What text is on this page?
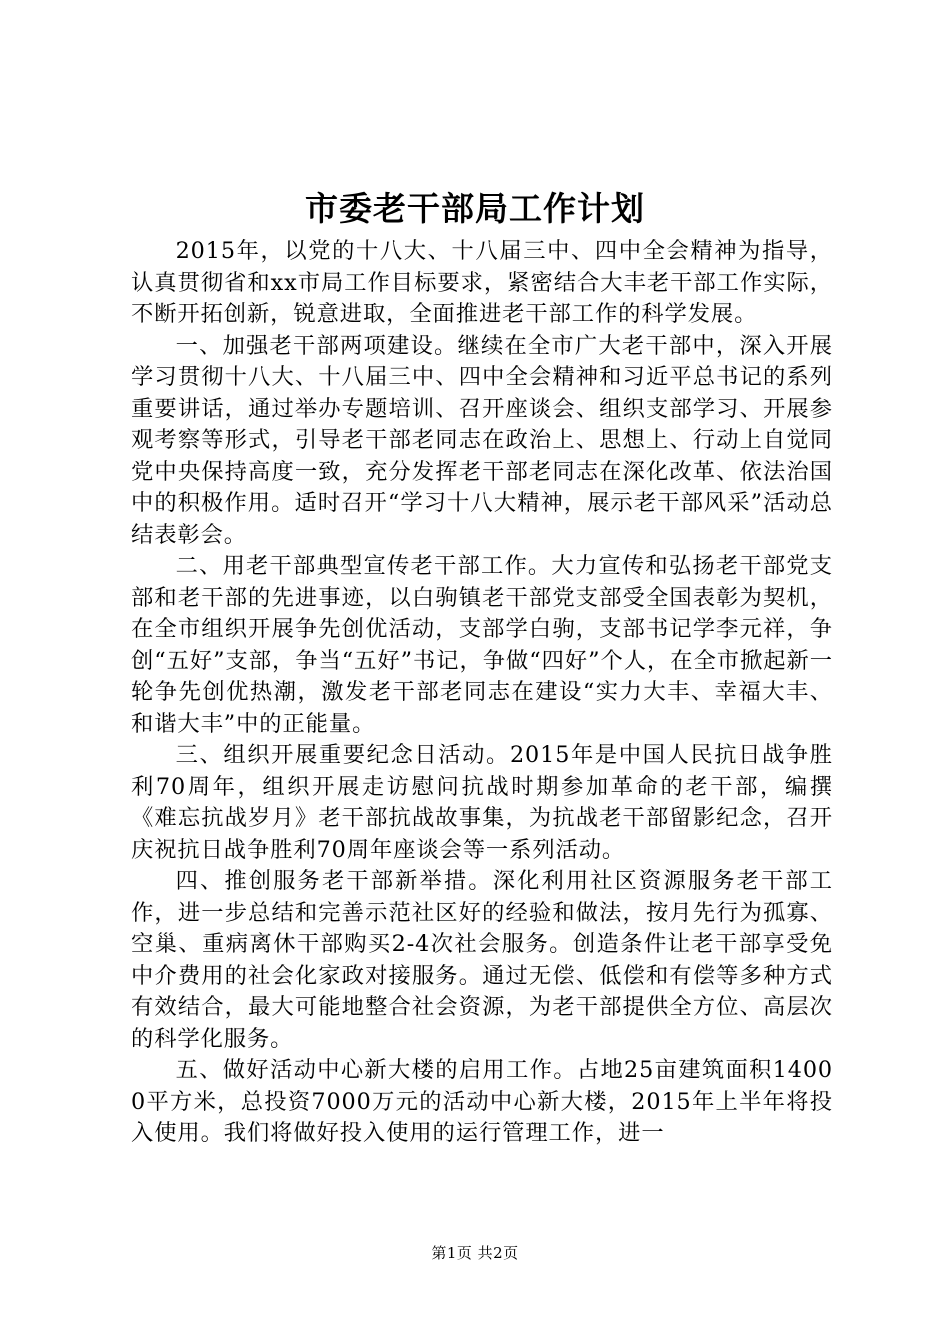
市委老干部局工作计划

2015年，以党的十八大、十八届三中、四中全会精神为指导，认真贯彻省和xx市局工作目标要求，紧密结合大丰老干部工作实际，不断开拓创新，锐意进取，全面推进老干部工作的科学发展。

一、加强老干部两项建设。继续在全市广大老干部中，深入开展学习贯彻十八大、十八届三中、四中全会精神和习近平总书记的系列重要讲话，通过举办专题培训、召开座谈会、组织支部学习、开展参观考察等形式，引导老干部老同志在政治上、思想上、行动上自觉同党中央保持高度一致，充分发挥老干部老同志在深化改革、依法治国中的积极作用。适时召开“学习十八大精神，展示老干部风采”活动总结表彰会。

二、用老干部典型宣传老干部工作。大力宣传和弘扬老干部党支部和老干部的先进事迹，以白驹镇老干部党支部受全国表彰为契机，在全市组织开展争先创优活动，支部学白驹，支部书记学李元祥，争创“五好”支部，争当“五好”书记，争做“四好”个人，在全市掀起新一轮争先创优热潮，激发老干部老同志在建设“实力大丰、幸福大丰、和谐大丰”中的正能量。

三、组织开展重要纪念日活动。2015年是中国人民抗日战争胜利70周年，组织开展走访慰问抗战时期参加革命的老干部，编撰《难忘抗战岁月》老干部抗战故事集，为抗战老干部留影纪念，召开庆祝抗日战争胜利70周年座谈会等一系列活动。

四、推创服务老干部新举措。深化利用社区资源服务老干部工作，进一步总结和完善示范社区好的经验和做法，按月先行为孤寡、空巢、重病离休干部购买2-4次社会服务。创造条件让老干部享受免中介费用的社会化家政对接服务。通过无偿、低偿和有偿等多种方式有效结合，最大可能地整合社会资源，为老干部提供全方位、高层次的科学化服务。

五、做好活动中心新大楼的启用工作。占地25亩建筑面积14000平方米，总投资7000万元的活动中心新大楼，2015年上半年将投入使用。我们将做好投入使用的运行管理工作，进一

第1页 共2页
